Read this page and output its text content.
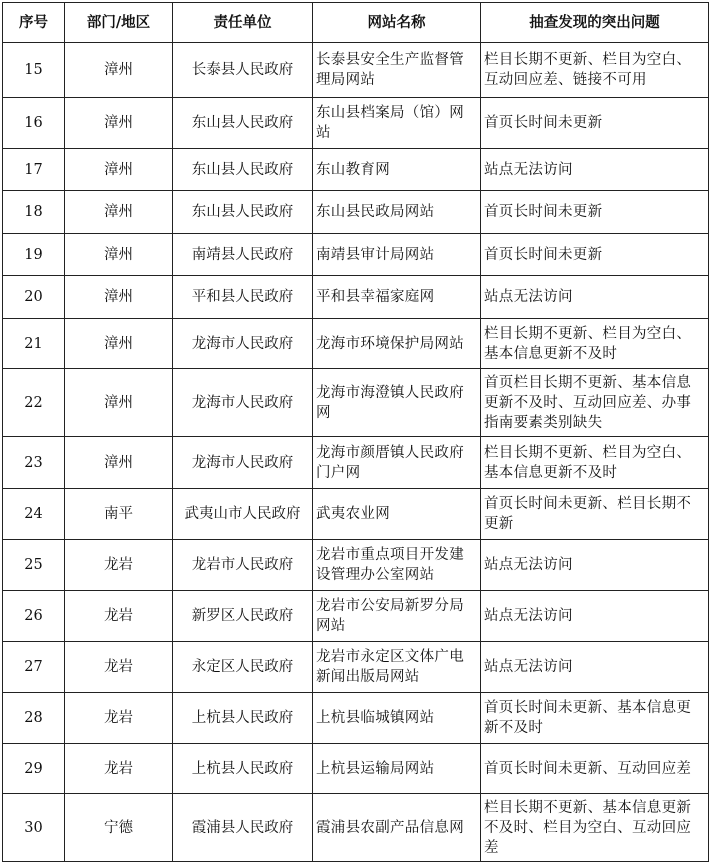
序号	部门/地区	责任单位	网站名称	抽查发现的突出问题
15	漳州	长泰县人民政府	长泰县安全生产监督管理局网站	栏目长期不更新、栏目为空白、互动回应差、链接不可用
16	漳州	东山县人民政府	东山县档案局（馆）网站	首页长时间未更新
17	漳州	东山县人民政府	东山教育网	站点无法访问
18	漳州	东山县人民政府	东山县民政局网站	首页长时间未更新
19	漳州	南靖县人民政府	南靖县审计局网站	首页长时间未更新
20	漳州	平和县人民政府	平和县幸福家庭网	站点无法访问
21	漳州	龙海市人民政府	龙海市环境保护局网站	栏目长期不更新、栏目为空白、基本信息更新不及时
22	漳州	龙海市人民政府	龙海市海澄镇人民政府网	首页栏目长期不更新、基本信息更新不及时、互动回应差、办事指南要素类别缺失
23	漳州	龙海市人民政府	龙海市颜厝镇人民政府门户网	栏目长期不更新、栏目为空白、基本信息更新不及时
24	南平	武夷山市人民政府	武夷农业网	首页长时间未更新、栏目长期不更新
25	龙岩	龙岩市人民政府	龙岩市重点项目开发建设管理办公室网站	站点无法访问
26	龙岩	新罗区人民政府	龙岩市公安局新罗分局网站	站点无法访问
27	龙岩	永定区人民政府	龙岩市永定区文体广电新闻出版局网站	站点无法访问
28	龙岩	上杭县人民政府	上杭县临城镇网站	首页长时间未更新、基本信息更新不及时
29	龙岩	上杭县人民政府	上杭县运输局网站	首页长时间未更新、互动回应差
30	宁德	霞浦县人民政府	霞浦县农副产品信息网	栏目长期不更新、基本信息更新不及时、栏目为空白、互动回应差
